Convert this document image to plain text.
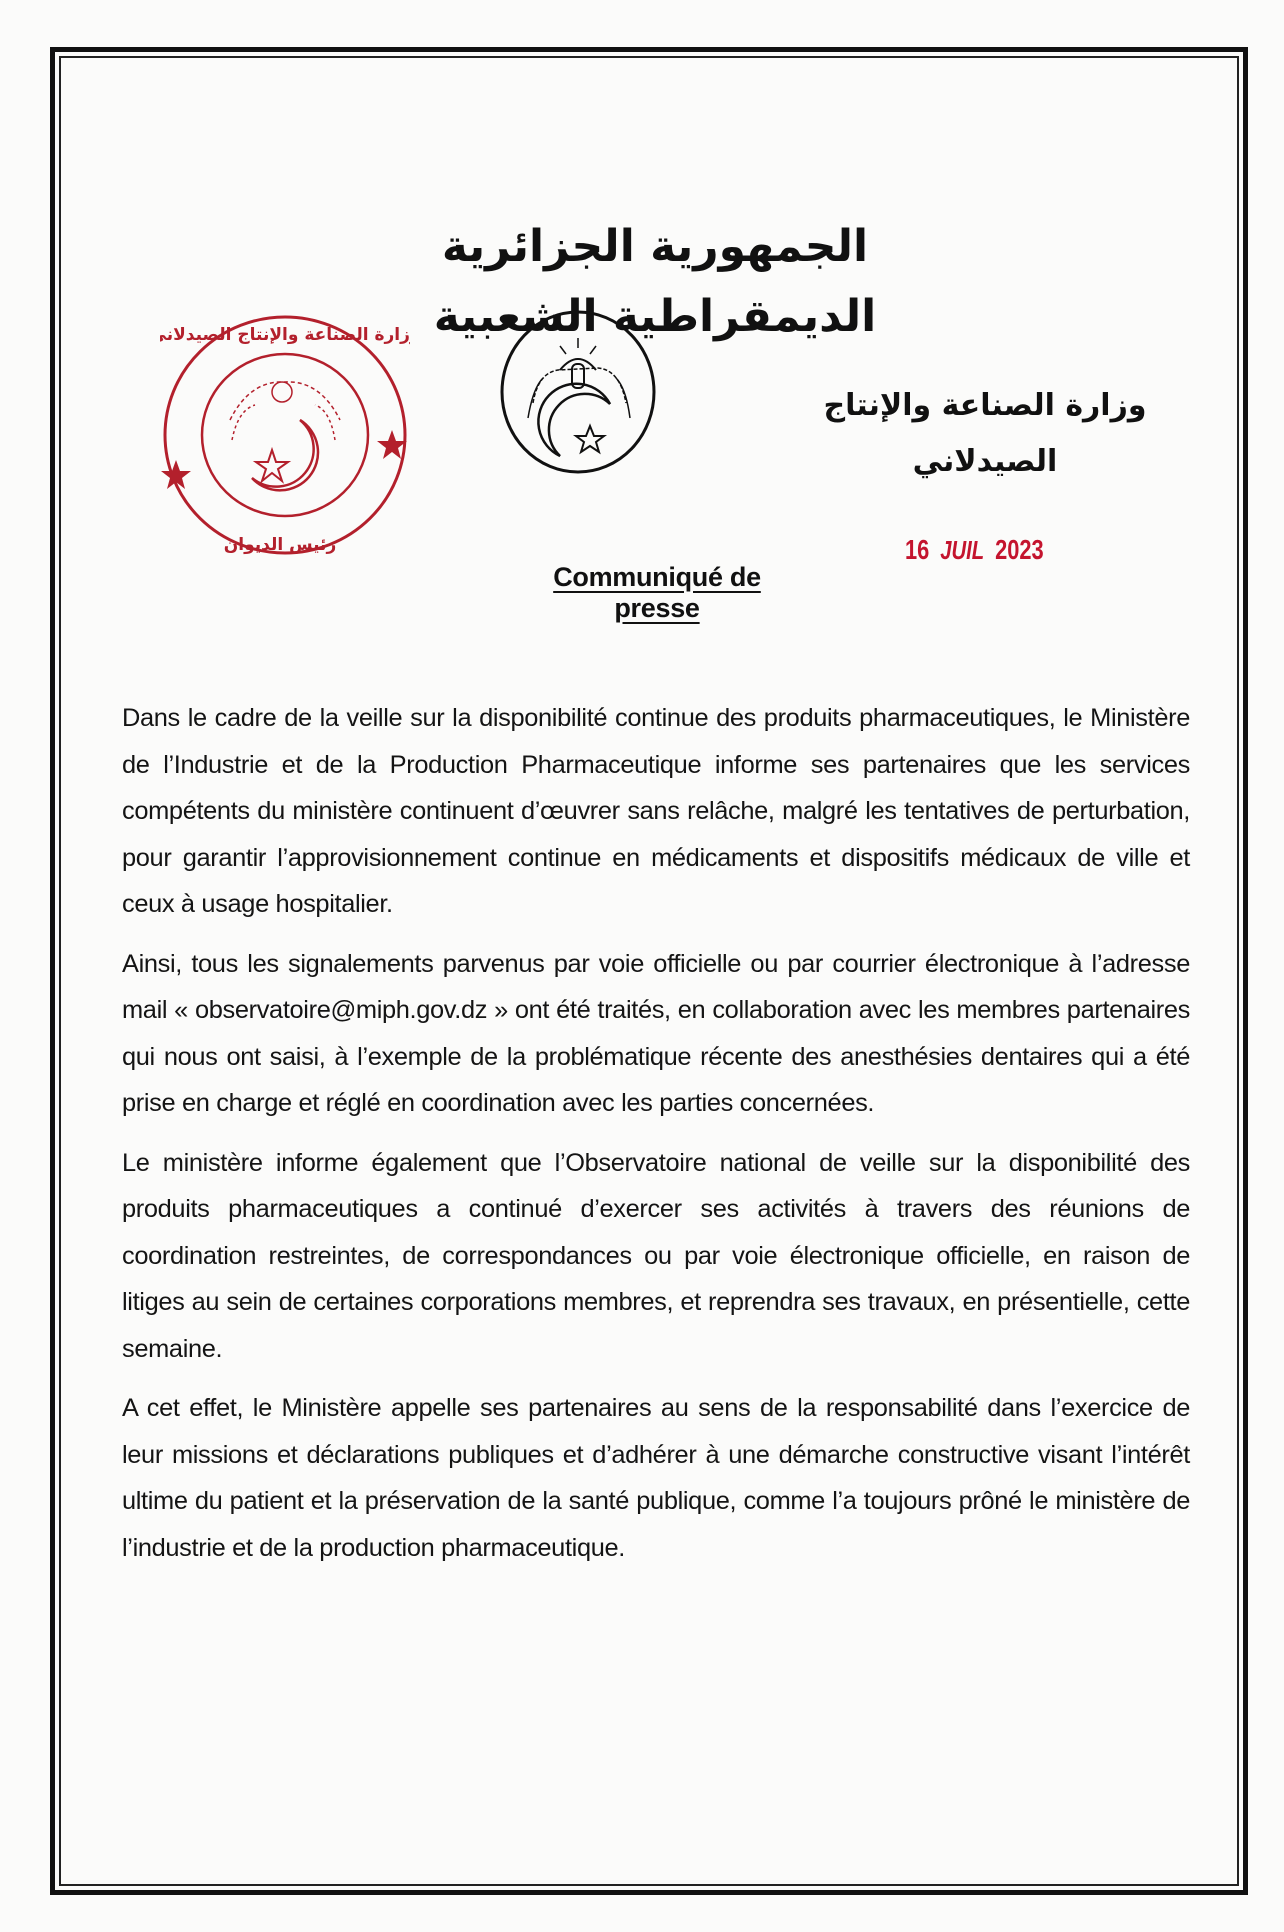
الجمهورية الجزائرية الديمقراطية الشعبية
وزارة الصناعة والإنتاج الصيدلاني
رئيس الديوان
وزارة الصناعة والإنتاج الصيدلاني
Communiqué de presse
16 JUIL 2023

Dans le cadre de la veille sur la disponibilité continue des produits pharmaceutiques, le Ministère de l’Industrie et de la Production Pharmaceutique informe ses partenaires que les services compétents du ministère continuent d’œuvrer sans relâche, malgré les tentatives de perturbation, pour garantir l’approvisionnement continue en médicaments et dispositifs médicaux de ville et ceux à usage hospitalier.

Ainsi, tous les signalements parvenus par voie officielle ou par courrier électronique à l’adresse mail « observatoire@miph.gov.dz » ont été traités, en collaboration avec les membres partenaires qui nous ont saisi, à l’exemple de la problématique récente des anesthésies dentaires qui a été prise en charge et réglé en coordination avec les parties concernées.

Le ministère informe également que l’Observatoire national de veille sur la disponibilité des produits pharmaceutiques a continué d’exercer ses activités à travers des réunions de coordination restreintes, de correspondances ou par voie électronique officielle, en raison de litiges au sein de certaines corporations membres, et reprendra ses travaux, en présentielle, cette semaine.

A cet effet, le Ministère appelle ses partenaires au sens de la responsabilité dans l’exercice de leur missions et déclarations publiques et d’adhérer à une démarche constructive visant l’intérêt ultime du patient et la préservation de la santé publique, comme l’a toujours prôné le ministère de l’industrie et de la production pharmaceutique.
